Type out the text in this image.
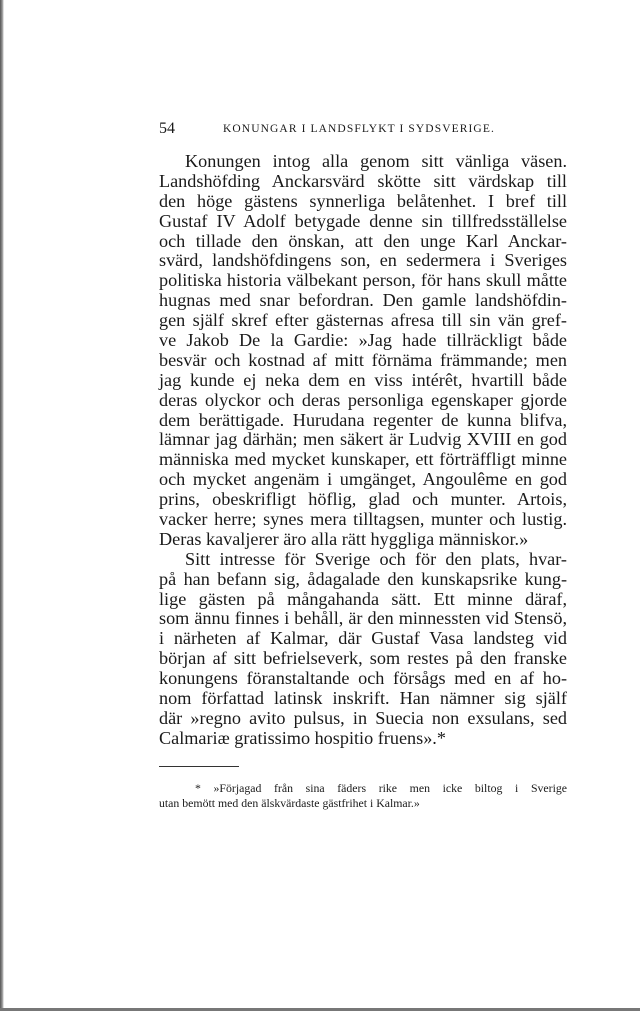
54	KONUNGAR I LANDSFLYKT I SYDSVERIGE.
Konungen intog alla genom sitt vänliga väsen.
Landshöfding Anckarsvärd skötte sitt värdskap till
den höge gästens synnerliga belåtenhet. I bref till
Gustaf IV Adolf betygade denne sin tillfredsställelse
och tillade den önskan, att den unge Karl Anckar-
svärd, landshöfdingens son, en sedermera i Sveriges
politiska historia välbekant person, för hans skull måtte
hugnas med snar befordran. Den gamle landshöfdin-
gen själf skref efter gästernas afresa till sin vän gref-
ve Jakob De la Gardie: »Jag hade tillräckligt både
besvär och kostnad af mitt förnäma främmande; men
jag kunde ej neka dem en viss intérêt, hvartill både
deras olyckor och deras personliga egenskaper gjorde
dem berättigade. Hurudana regenter de kunna blifva,
lämnar jag därhän; men säkert är Ludvig XVIII en god
människa med mycket kunskaper, ett förträffligt minne
och mycket angenäm i umgänget, Angoulême en god
prins, obeskrifligt höflig, glad och munter. Artois,
vacker herre; synes mera tilltagsen, munter och lustig.
Deras kavaljerer äro alla rätt hyggliga människor.»
Sitt intresse för Sverige och för den plats, hvar-
på han befann sig, ådagalade den kunskapsrike kung-
lige gästen på mångahanda sätt. Ett minne däraf,
som ännu finnes i behåll, är den minnessten vid Stensö,
i närheten af Kalmar, där Gustaf Vasa landsteg vid
början af sitt befrielseverk, som restes på den franske
konungens föranstaltande och försågs med en af ho-
nom författad latinsk inskrift. Han nämner sig själf
där »regno avito pulsus, in Suecia non exsulans, sed
Calmariæ gratissimo hospitio fruens».*
* »Förjagad från sina fäders rike men icke biltog i Sverige
utan bemött med den älskvärdaste gästfrihet i Kalmar.»
